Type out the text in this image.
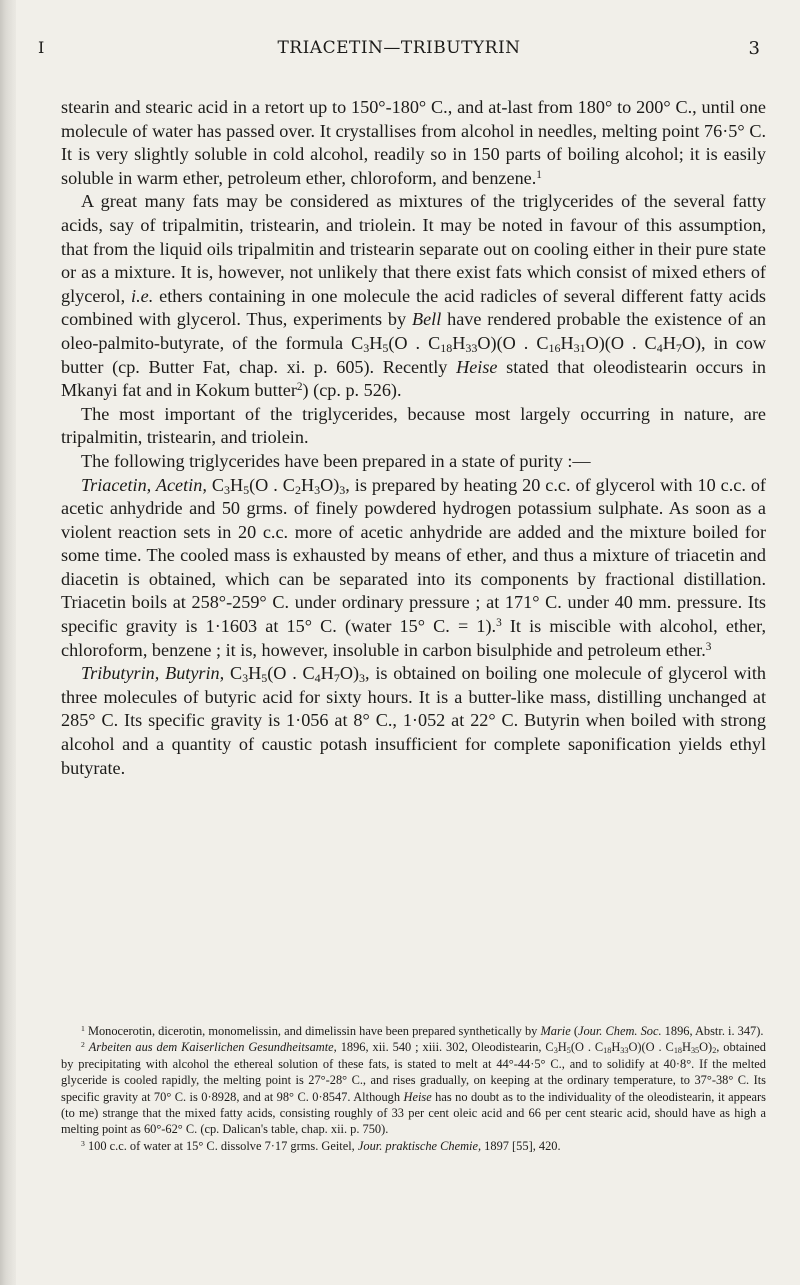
I	TRIACETIN—TRIBUTYRIN	3

stearin and stearic acid in a retort up to 150°-180° C., and at-last from 180° to 200° C., until one molecule of water has passed over. It crystallises from alcohol in needles, melting point 76·5° C. It is very slightly soluble in cold alcohol, readily so in 150 parts of boiling alcohol; it is easily soluble in warm ether, petroleum ether, chloroform, and benzene.$^1$

A great many fats may be considered as mixtures of the triglycerides of the several fatty acids, say of tripalmitin, tristearin, and triolein. It may be noted in favour of this assumption, that from the liquid oils tripalmitin and tristearin separate out on cooling either in their pure state or as a mixture. It is, however, not unlikely that there exist fats which consist of mixed ethers of glycerol, i.e. ethers containing in one molecule the acid radicles of several different fatty acids combined with glycerol. Thus, experiments by Bell have rendered probable the existence of an oleo-palmito-butyrate, of the formula $C_3H_5(O$ . $C_{18}H_{33}O)(O$ . $C_{16}H_{31}O)(O$ . $C_4H_7O$), in cow butter (cp. Butter Fat, chap. xi. p. 605). Recently Heise stated that oleodistearin occurs in Mkanyi fat and in Kokum butter$^2$) (cp. p. 526).

The most important of the triglycerides, because most largely occurring in nature, are tripalmitin, tristearin, and triolein.

The following triglycerides have been prepared in a state of purity :—

Triacetin, Acetin, $C_3H_5(O$ . $C_2H_3O)_3$, is prepared by heating 20 c.c. of glycerol with 10 c.c. of acetic anhydride and 50 grms. of finely powdered hydrogen potassium sulphate. As soon as a violent reaction sets in 20 c.c. more of acetic anhydride are added and the mixture boiled for some time. The cooled mass is exhausted by means of ether, and thus a mixture of triacetin and diacetin is obtained, which can be separated into its components by fractional distillation. Triacetin boils at 258°-259° C. under ordinary pressure ; at 171° C. under 40 mm. pressure. Its specific gravity is 1·1603 at 15° C. (water 15° C. = 1).$^3$ It is miscible with alcohol, ether, chloroform, benzene ; it is, however, insoluble in carbon bisulphide and petroleum ether.$^3$

Tributyrin, Butyrin, $C_3H_5(O$ . $C_4H_7O)_3$, is obtained on boiling one molecule of glycerol with three molecules of butyric acid for sixty hours. It is a butter-like mass, distilling unchanged at 285° C. Its specific gravity is 1·056 at 8° C., 1·052 at 22° C. Butyrin when boiled with strong alcohol and a quantity of caustic potash insufficient for complete saponification yields ethyl butyrate.

$^1$ Monocerotin, dicerotin, monomelissin, and dimelissin have been prepared synthetically by Marie (Jour. Chem. Soc. 1896, Abstr. i. 347).

$^2$ Arbeiten aus dem Kaiserlichen Gesundheitsamte, 1896, xii. 540 ; xiii. 302, Oleodistearin, $C_3H_5(O$ . $C_{18}H_{33}O)(O$ . $C_{18}H_{35}O)_2$, obtained by precipitating with alcohol the ethereal solution of these fats, is stated to melt at 44°-44·5° C., and to solidify at 40·8°. If the melted glyceride is cooled rapidly, the melting point is 27°-28° C., and rises gradually, on keeping at the ordinary temperature, to 37°-38° C. Its specific gravity at 70° C. is 0·8928, and at 98° C. 0·8547. Although Heise has no doubt as to the individuality of the oleodistearin, it appears (to me) strange that the mixed fatty acids, consisting roughly of 33 per cent oleic acid and 66 per cent stearic acid, should have as high a melting point as 60°-62° C. (cp. Dalican's table, chap. xii. p. 750).

$^3$ 100 c.c. of water at 15° C. dissolve 7·17 grms. Geitel, Jour. praktische Chemie, 1897 [55], 420.
